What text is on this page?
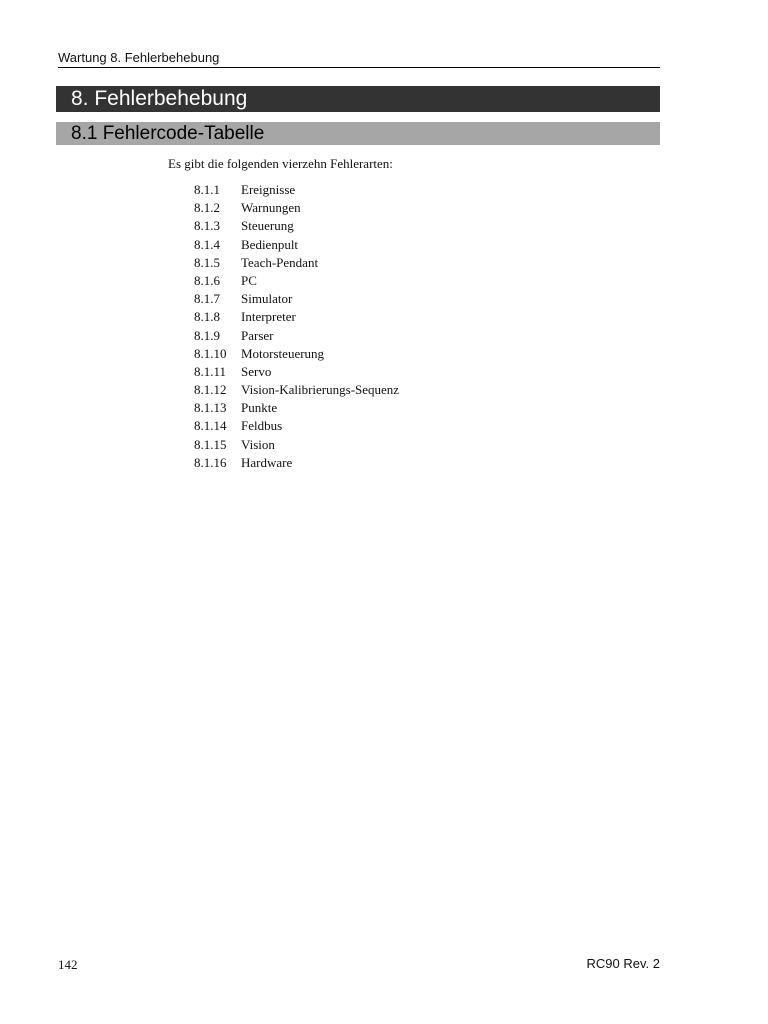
Wartung 8. Fehlerbehebung
8. Fehlerbehebung
8.1 Fehlercode-Tabelle
Es gibt die folgenden vierzehn Fehlerarten:
8.1.1 Ereignisse
8.1.2 Warnungen
8.1.3 Steuerung
8.1.4 Bedienpult
8.1.5 Teach-Pendant
8.1.6 PC
8.1.7 Simulator
8.1.8 Interpreter
8.1.9 Parser
8.1.10 Motorsteuerung
8.1.11 Servo
8.1.12 Vision-Kalibrierungs-Sequenz
8.1.13 Punkte
8.1.14 Feldbus
8.1.15 Vision
8.1.16 Hardware
142	RC90 Rev. 2
